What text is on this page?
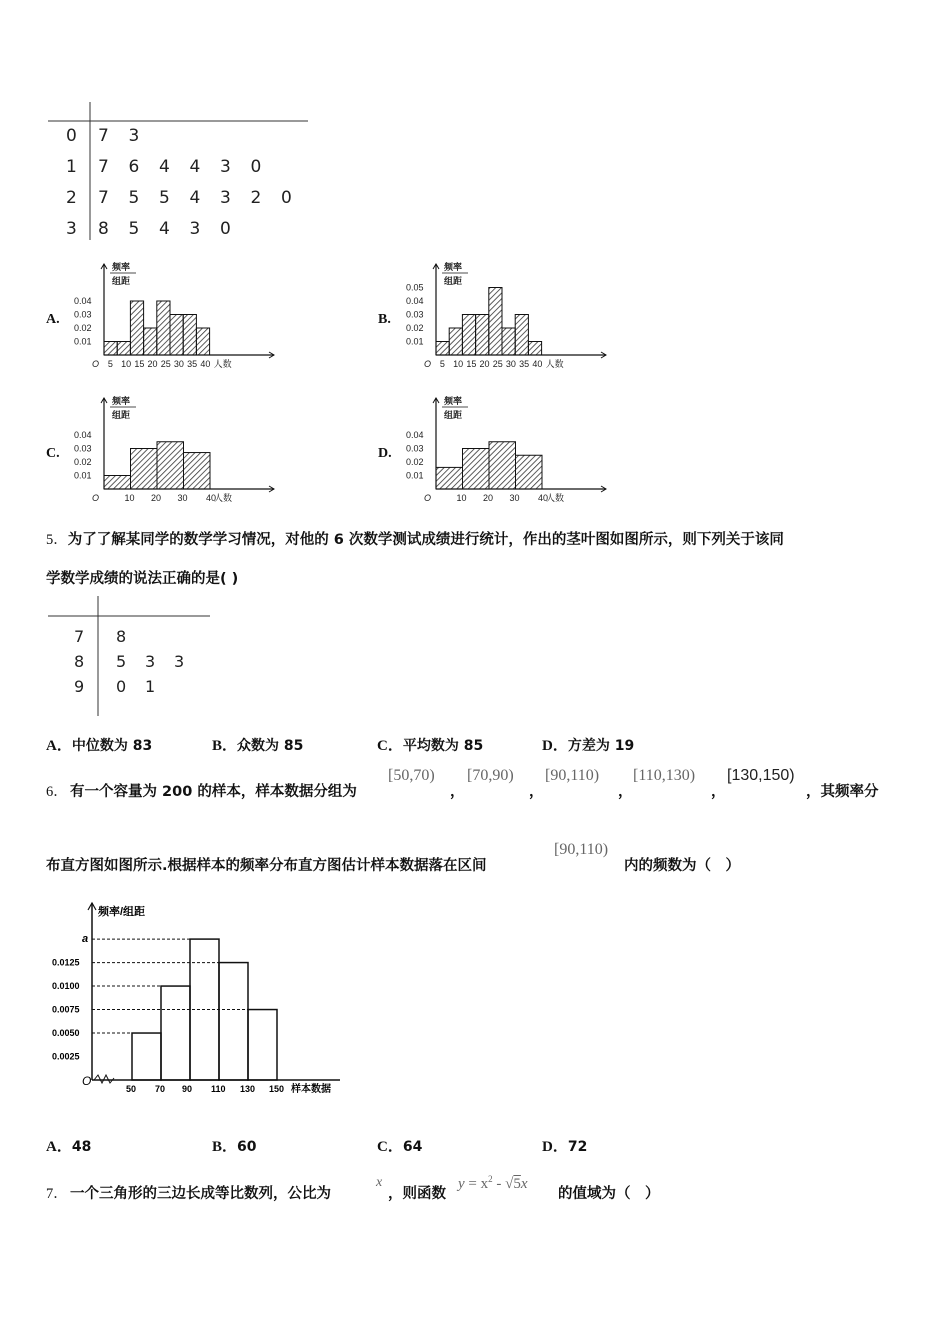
0 7 3
1 7 6 4 4 3 0
2 7 5 5 4 3 2 0
3 8 5 4 3 0
A.
频率
组距
0.04
0.03
0.02
0.01
O 5 10 15 20 25 30 35 40 人数
B.
频率
组距
0.05
0.04
0.03
0.02
0.01
O 5 10 15 20 25 30 35 40 人数
C.
频率
组距
0.04
0.03
0.02
0.01
O	10 20 30 40
人数
D.
频率
组距
0.04
0.03
0.02
0.01
O	10 20 30 40
人数
5．为了了解某同学的数学学习情况，对他的 6 次数学测试成绩进行统计，作出的茎叶图如图所示，则下列关于该同
学数学成绩的说法正确的是( )
7 8
8 5 3 3
9 0 1
A．中位数为 83	B．众数为 85	C．平均数为 85	D．方差为 19
6． 有一个容量为 200 的样本，样本数据分组为
[50,70)
，
[70,90)
，
[90,110)
，
[110,130)
，
[130,150)
，其频率分
布直方图如图所示.根据样本的频率分布直方图估计样本数据落在区间
[90,110)
内的频数为（　）
频率/组距
O
a
0.0125
0.0100
0.0075
0.0050
0.0025
50 70 90 110 130 150 样本数据
A．48	B．60	C．64	D．72
7． 一个三角形的三边长成等比数列，公比为
x
，则函数
$y = x^2 - √5x$
的值域为（　）
